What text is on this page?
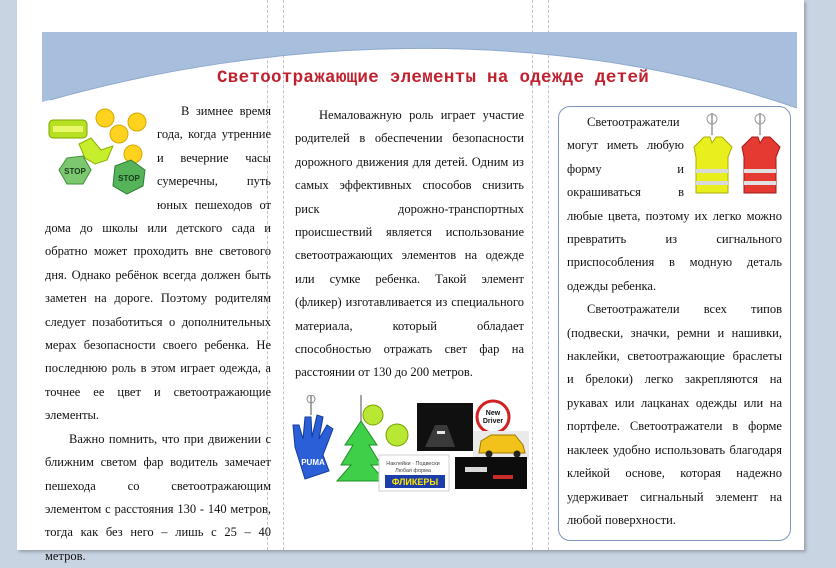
Светоотражающие элементы на одежде детей

STOP
STOP
В зимнее время года, когда утренние и вечерние часы сумеречны, путь юных пешеходов от дома до школы или детского сада и обратно может проходить вне светового дня. Однако ребёнок всегда должен быть заметен на дороге. Поэтому родителям следует позаботиться о дополнительных мерах безопасности своего ребенка. Не последнюю роль в этом играет одежда, а точнее ее цвет и светоотражающие элементы.

Важно помнить, что при движении с ближним светом фар водитель замечает пешехода со светоотражающим элементом с расстояния 130 - 140 метров, тогда как без него – лишь с 25 – 40 метров.

Немаловажную роль играет участие родителей в обеспечении безопасности дорожного движения для детей. Одним из самых эффективных способов снизить риск дорожно-транспортных происшествий является использование светоотражающих элементов на одежде или сумке ребенка. Такой элемент (фликер) изготавливается из специального материала, который обладает способностью отражать свет фар на расстоянии от 130 до 200 метров.

PUMA	Наклейки · Подвески
Любая форма
ФЛИКЕРЫ
New
Driver

Светоотражатели могут иметь любую форму и окрашиваться в любые цвета, поэтому их легко можно превратить из сигнального приспособления в модную деталь одежды ребенка.

Светоотражатели всех типов (подвески, значки, ремни и нашивки, наклейки, светоотражающие браслеты и брелоки) легко закрепляются на рукавах или лацканах одежды или на портфеле. Светоотражатели в форме наклеек удобно использовать благодаря клейкой основе, которая надежно удерживает сигнальный элемент на любой поверхности.
